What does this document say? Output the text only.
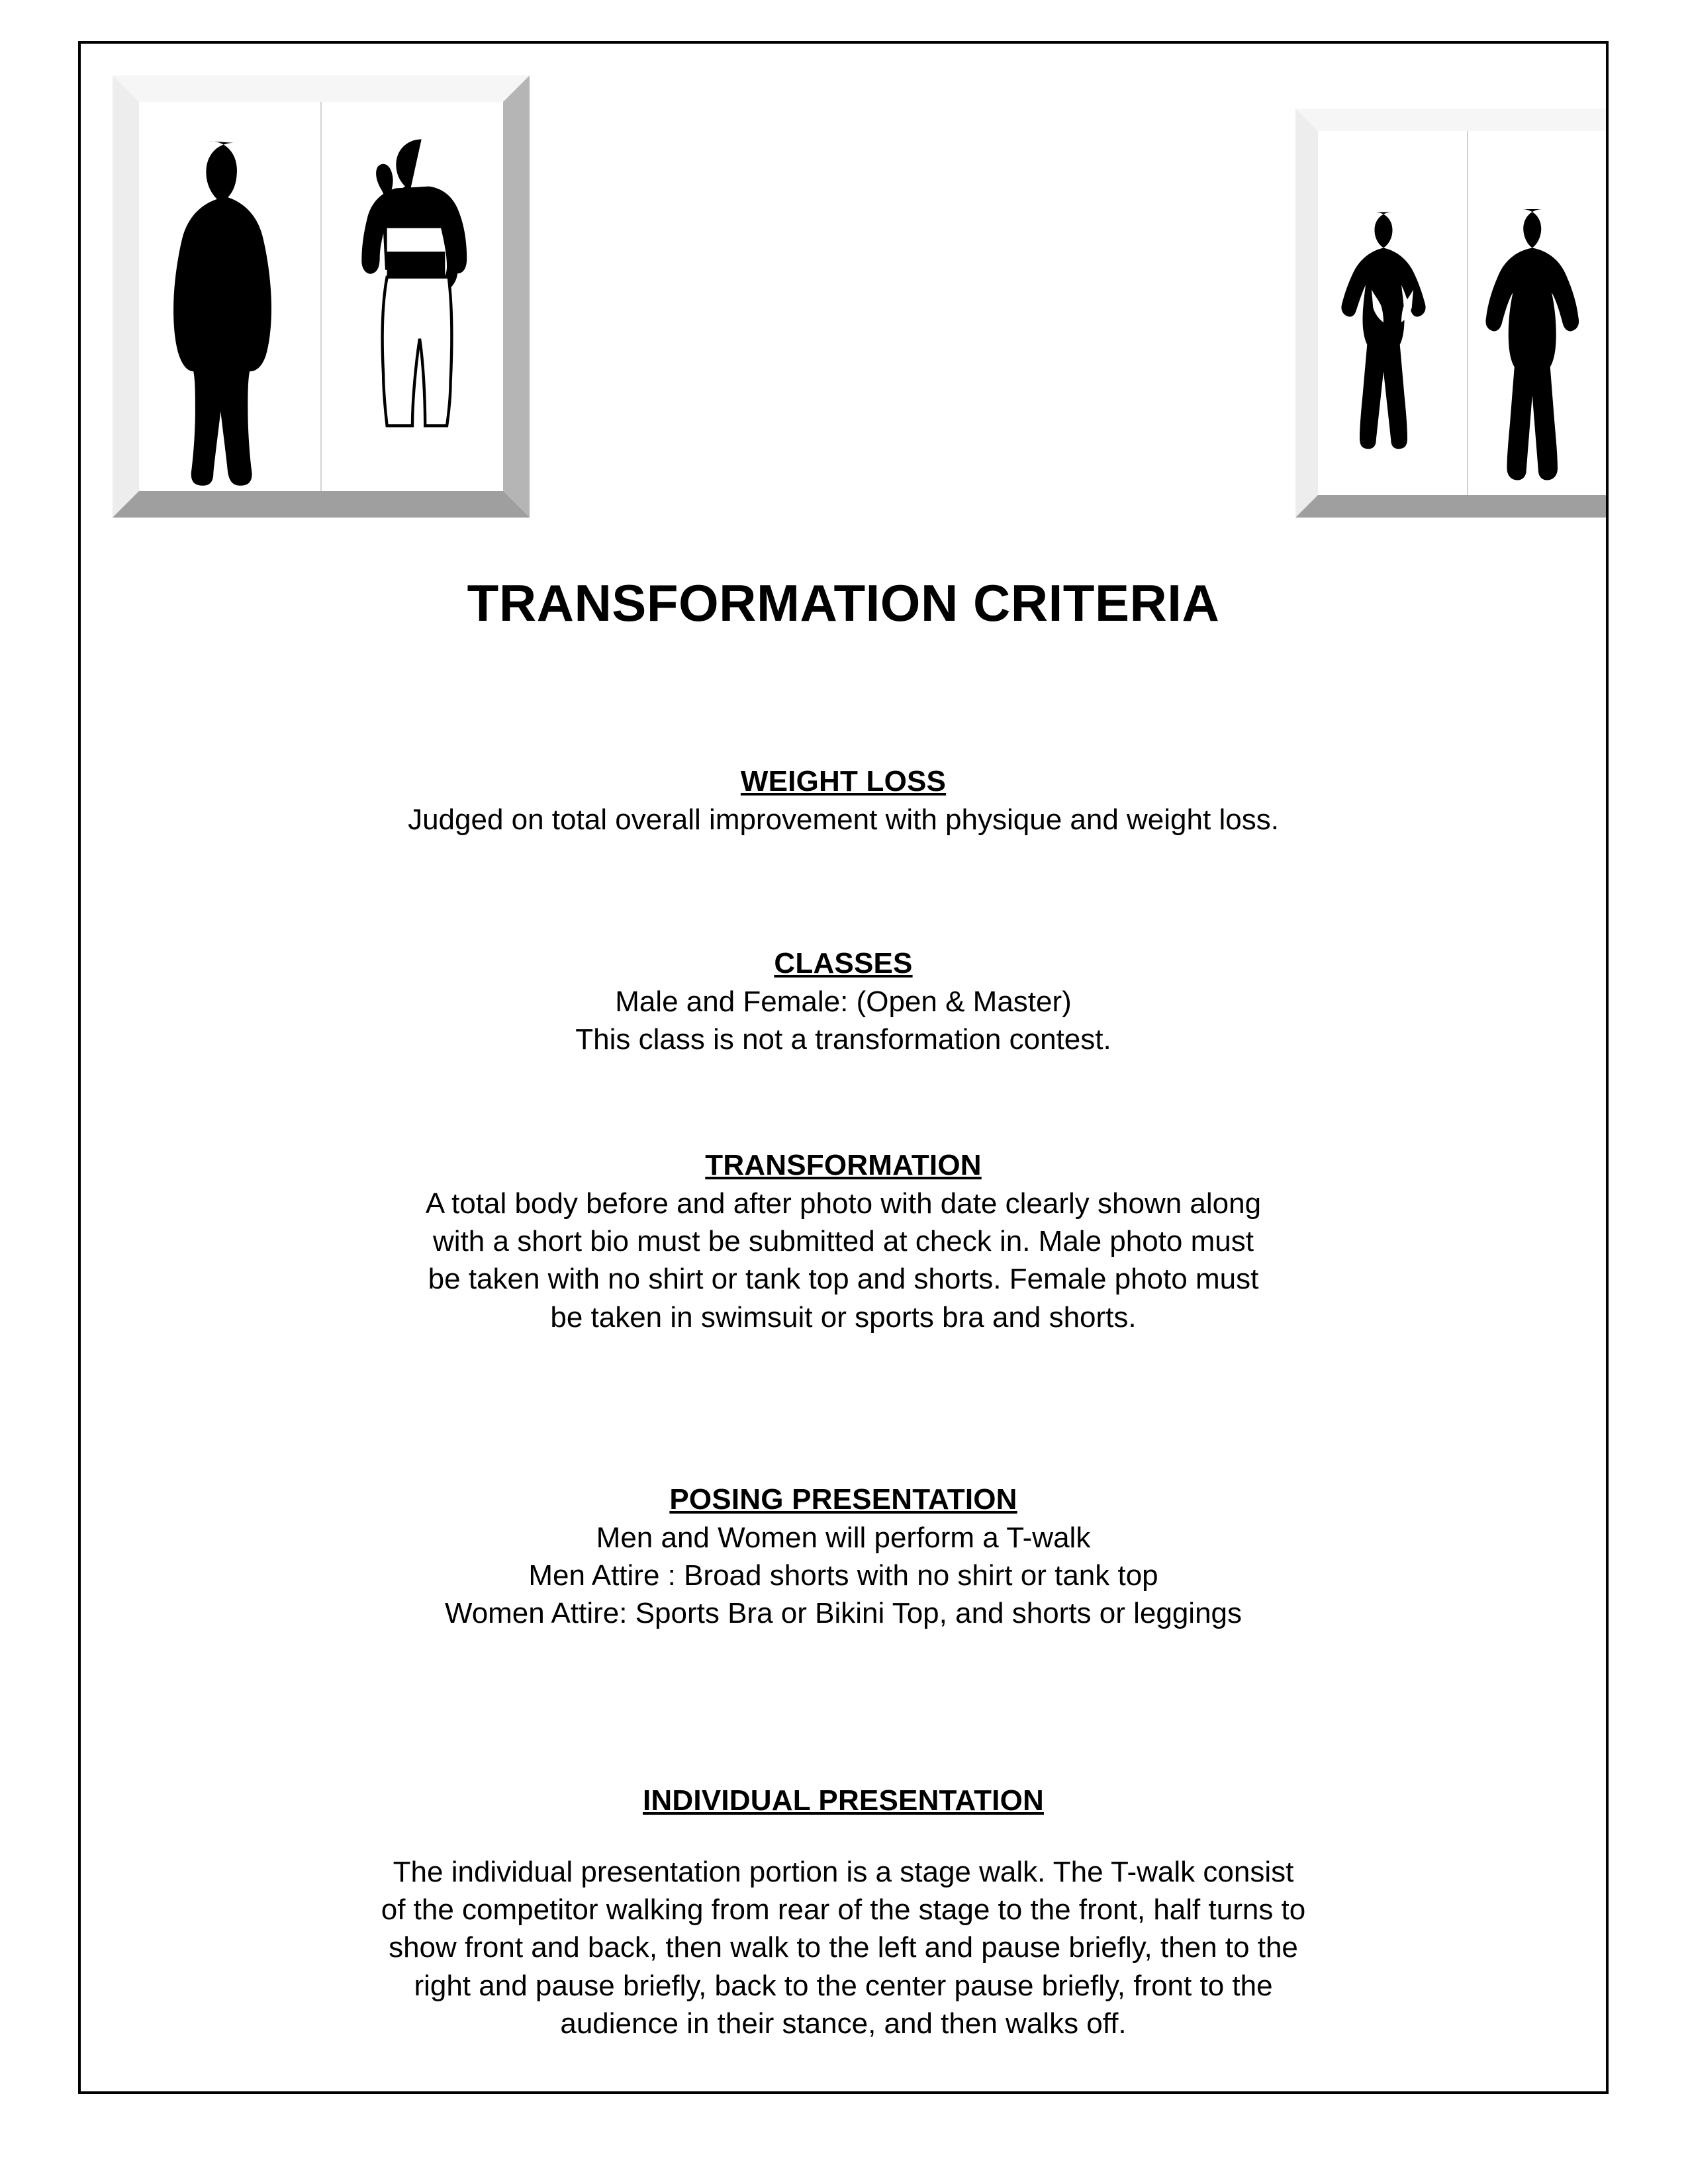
TRANSFORMATION CRITERIA
WEIGHT LOSS
Judged on total overall improvement with physique and weight loss.
CLASSES
Male and Female: (Open & Master)
This class is not a transformation contest.
TRANSFORMATION
A total body before and after photo with date clearly shown along
with a short bio must be submitted at check in. Male photo must
be taken with no shirt or tank top and shorts. Female photo must
be taken in swimsuit or sports bra and shorts.
POSING PRESENTATION
Men and Women will perform a T-walk
Men Attire : Broad shorts with no shirt or tank top
Women Attire: Sports Bra or Bikini Top, and shorts or leggings
INDIVIDUAL PRESENTATION
The individual presentation portion is a stage walk. The T-walk consist
of the competitor walking from rear of the stage to the front, half turns to
show front and back, then walk to the left and pause briefly, then to the
right and pause briefly, back to the center pause briefly, front to the
audience in their stance, and then walks off.
